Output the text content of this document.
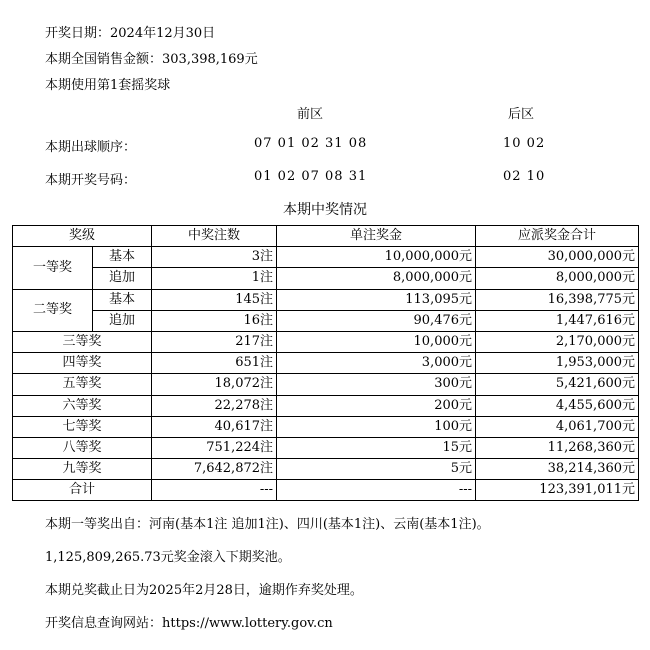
开奖日期：2024年12月30日
本期全国销售金额：303,398,169元
本期使用第1套摇奖球
前区	后区
本期出球顺序：	07 01 02 31 08	10 02
本期开奖号码：	01 02 07 08 31	02 10
本期中奖情况
奖级		中奖注数	单注奖金	应派奖金合计
一等奖	基本	3注	10,000,000元	30,000,000元
	追加	1注	8,000,000元	8,000,000元
二等奖	基本	145注	113,095元	16,398,775元
	追加	16注	90,476元	1,447,616元
三等奖		217注	10,000元	2,170,000元
四等奖		651注	3,000元	1,953,000元
五等奖		18,072注	300元	5,421,600元
六等奖		22,278注	200元	4,455,600元
七等奖		40,617注	100元	4,061,700元
八等奖		751,224注	15元	11,268,360元
九等奖		7,642,872注	5元	38,214,360元
合计		---	---	123,391,011元
本期一等奖出自：河南(基本1注 追加1注)、四川(基本1注)、云南(基本1注)。
1,125,809,265.73元奖金滚入下期奖池。
本期兑奖截止日为2025年2月28日，逾期作弃奖处理。
开奖信息查询网站：https://www.lottery.gov.cn
